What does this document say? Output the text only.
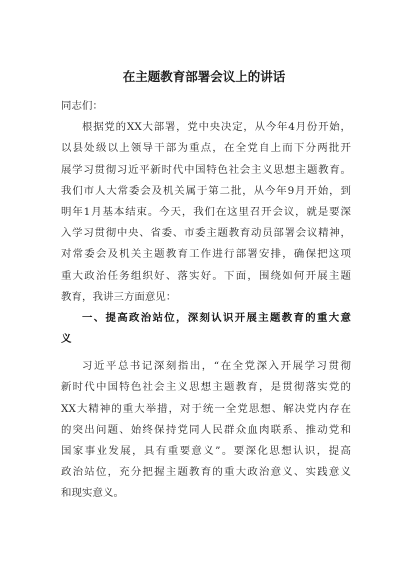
在主题教育部署会议上的讲话
同志们：
根据党的XX大部署，党中央决定，从今年4月份开始，
以县处级以上领导干部为重点，在全党自上而下分两批开
展学习贯彻习近平新时代中国特色社会主义思想主题教育。
我们市人大常委会及机关属于第二批，从今年9月开始，到
明年1月基本结束。今天，我们在这里召开会议，就是要深
入学习贯彻中央、省委、市委主题教育动员部署会议精神，
对常委会及机关主题教育工作进行部署安排，确保把这项
重大政治任务组织好、落实好。下面，围绕如何开展主题
教育，我讲三方面意见：
一、提高政治站位，深刻认识开展主题教育的重大意
义
习近平总书记深刻指出，“在全党深入开展学习贯彻
新时代中国特色社会主义思想主题教育，是贯彻落实党的
XX大精神的重大举措，对于统一全党思想、解决党内存在
的突出问题、始终保持党同人民群众血肉联系、推动党和
国家事业发展，具有重要意义”。要深化思想认识，提高
政治站位，充分把握主题教育的重大政治意义、实践意义
和现实意义。
